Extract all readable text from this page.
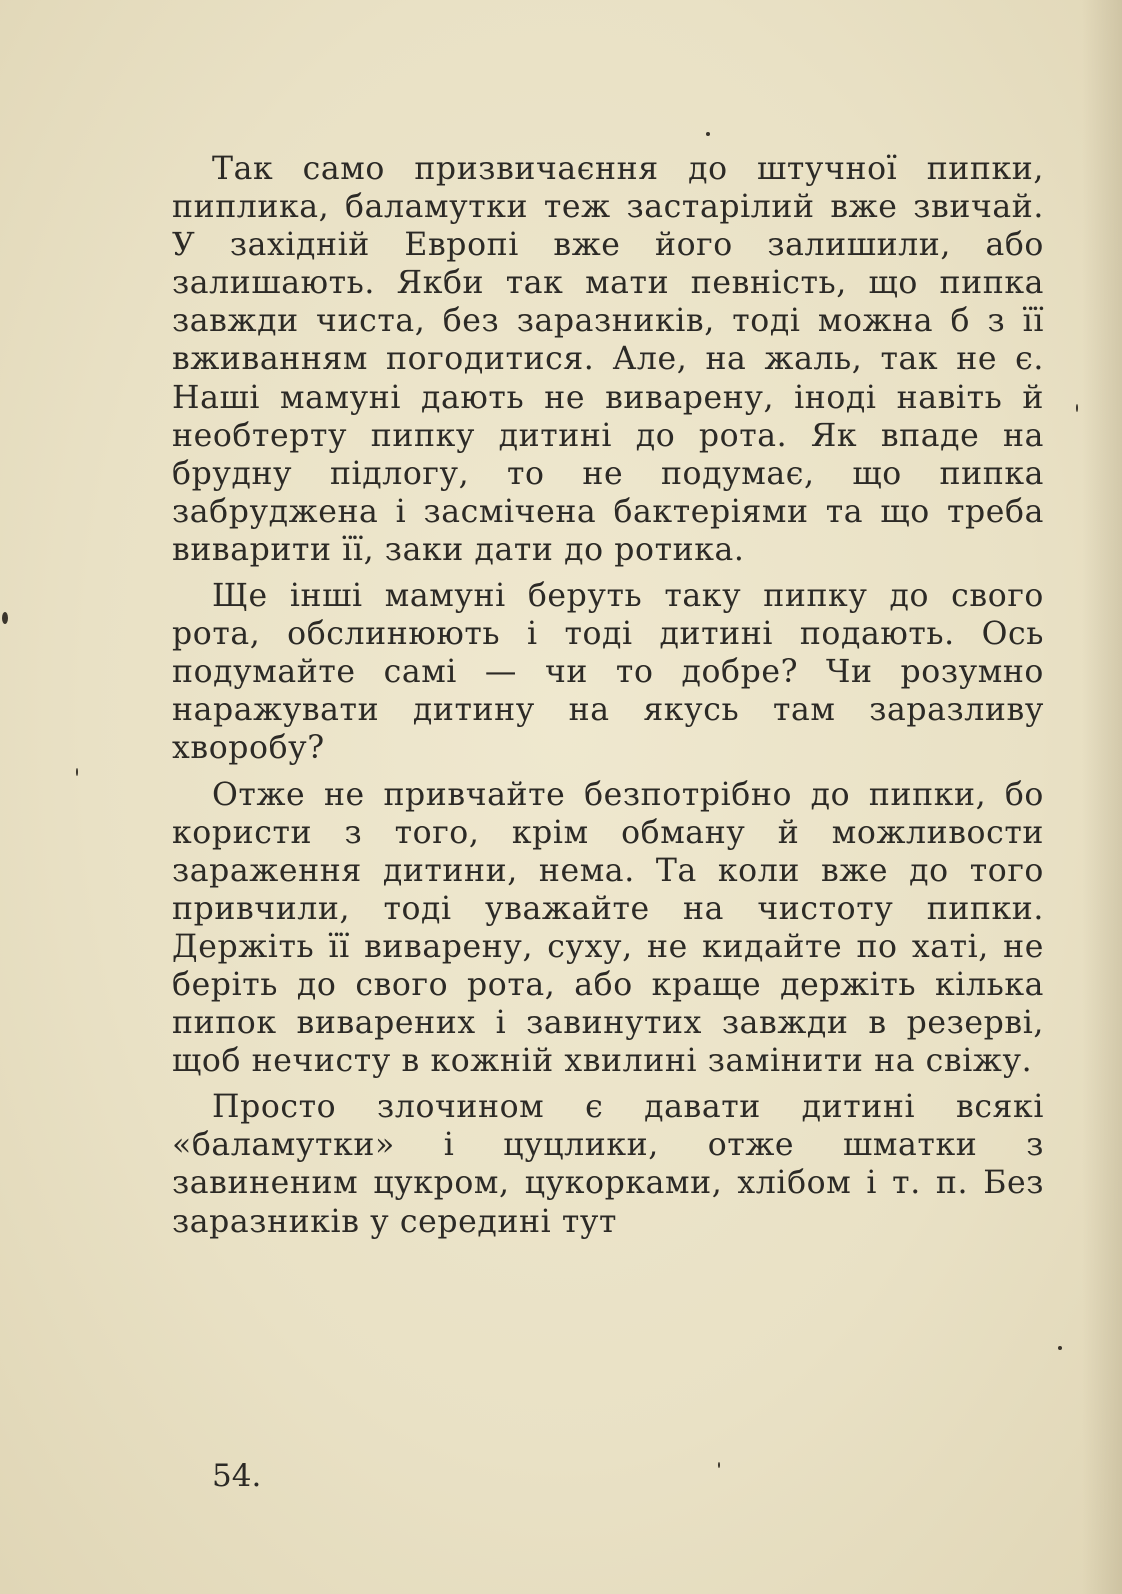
Так само призвичаєння до штучної пипки, пиплика, баламутки теж застарілий вже звичай. У західній Европі вже його залишили, або залишають. Якби так мати певність, що пипка завжди чиста, без заразників, тоді можна б з її вживанням погодитися. Але, на жаль, так не є. Наші мамуні дають не виварену, іноді навіть й необтерту пипку дитині до рота. Як впаде на брудну підлогу, то не подумає, що пипка забруджена і засмічена бактеріями та що треба виварити її, заки дати до ротика.

Ще інші мамуні беруть таку пипку до свого рота, обслинюють і тоді дитині подають. Ось подумайте самі — чи то добре? Чи розумно наражувати дитину на якусь там заразливу хворобу?

Отже не привчайте безпотрібно до пипки, бо користи з того, крім обману й можливости зараження дитини, нема. Та коли вже до того привчили, тоді уважайте на чистоту пипки. Держіть її виварену, суху, не кидайте по хаті, не беріть до свого рота, або краще держіть кілька пипок виварених і завинутих завжди в резерві, щоб нечисту в кожній хвилині замінити на свіжу.

Просто злочином є давати дитині всякі «баламутки» і цуцлики, отже шматки з завиненим цукром, цукорками, хлібом і т. п. Без заразників у середині тут

54.
